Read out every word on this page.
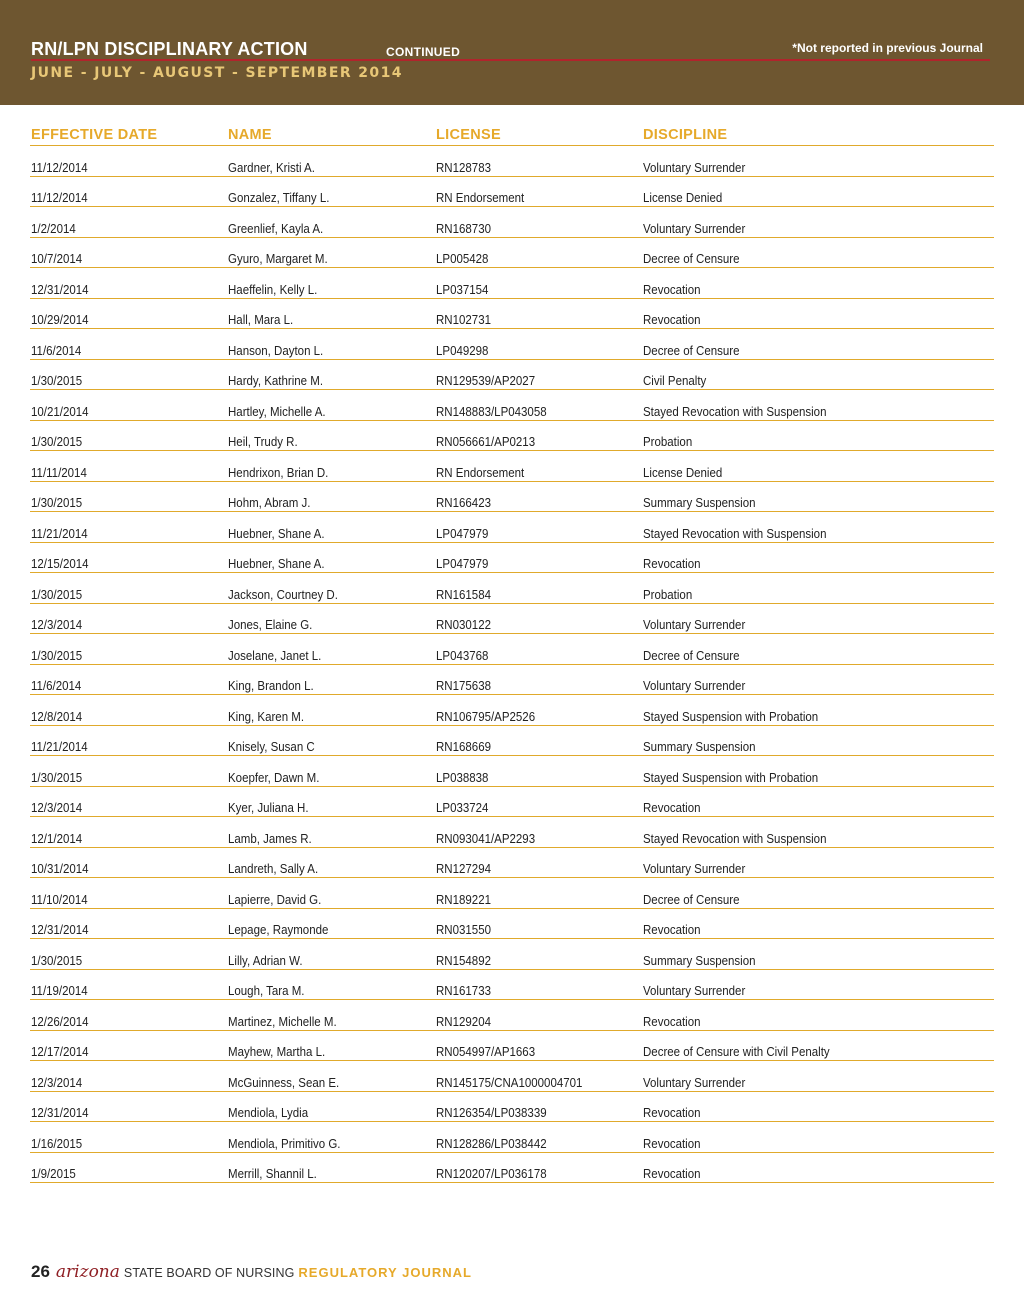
RN/LPN DISCIPLINARY ACTION	CONTINUED	*Not reported in previous Journal
JUNE - JULY - AUGUST - SEPTEMBER 2014
EFFECTIVE DATE	NAME	LICENSE	DISCIPLINE
11/12/2014	Gardner, Kristi A.	RN128783	Voluntary Surrender
11/12/2014	Gonzalez, Tiffany L.	RN Endorsement	License Denied
1/2/2014	Greenlief, Kayla A.	RN168730	Voluntary Surrender
10/7/2014	Gyuro, Margaret M.	LP005428	Decree of Censure
12/31/2014	Haeffelin, Kelly L.	LP037154	Revocation
10/29/2014	Hall, Mara L.	RN102731	Revocation
11/6/2014	Hanson, Dayton L.	LP049298	Decree of Censure
1/30/2015	Hardy, Kathrine M.	RN129539/AP2027	Civil Penalty
10/21/2014	Hartley, Michelle A.	RN148883/LP043058	Stayed Revocation with Suspension
1/30/2015	Heil, Trudy R.	RN056661/AP0213	Probation
11/11/2014	Hendrixon, Brian D.	RN Endorsement	License Denied
1/30/2015	Hohm, Abram J.	RN166423	Summary Suspension
11/21/2014	Huebner, Shane A.	LP047979	Stayed Revocation with Suspension
12/15/2014	Huebner, Shane A.	LP047979	Revocation
1/30/2015	Jackson, Courtney D.	RN161584	Probation
12/3/2014	Jones, Elaine G.	RN030122	Voluntary Surrender
1/30/2015	Joselane, Janet L.	LP043768	Decree of Censure
11/6/2014	King, Brandon L.	RN175638	Voluntary Surrender
12/8/2014	King, Karen M.	RN106795/AP2526	Stayed Suspension with Probation
11/21/2014	Knisely, Susan C	RN168669	Summary Suspension
1/30/2015	Koepfer, Dawn M.	LP038838	Stayed Suspension with Probation
12/3/2014	Kyer, Juliana H.	LP033724	Revocation
12/1/2014	Lamb, James R.	RN093041/AP2293	Stayed Revocation with Suspension
10/31/2014	Landreth, Sally A.	RN127294	Voluntary Surrender
11/10/2014	Lapierre, David G.	RN189221	Decree of Censure
12/31/2014	Lepage, Raymonde	RN031550	Revocation
1/30/2015	Lilly, Adrian W.	RN154892	Summary Suspension
11/19/2014	Lough, Tara M.	RN161733	Voluntary Surrender
12/26/2014	Martinez, Michelle M.	RN129204	Revocation
12/17/2014	Mayhew, Martha L.	RN054997/AP1663	Decree of Censure with Civil Penalty
12/3/2014	McGuinness, Sean E.	RN145175/CNA1000004701	Voluntary Surrender
12/31/2014	Mendiola, Lydia	RN126354/LP038339	Revocation
1/16/2015	Mendiola, Primitivo G.	RN128286/LP038442	Revocation
1/9/2015	Merrill, Shannil L.	RN120207/LP036178	Revocation
26 arizona STATE BOARD OF NURSING REGULATORY JOURNAL
